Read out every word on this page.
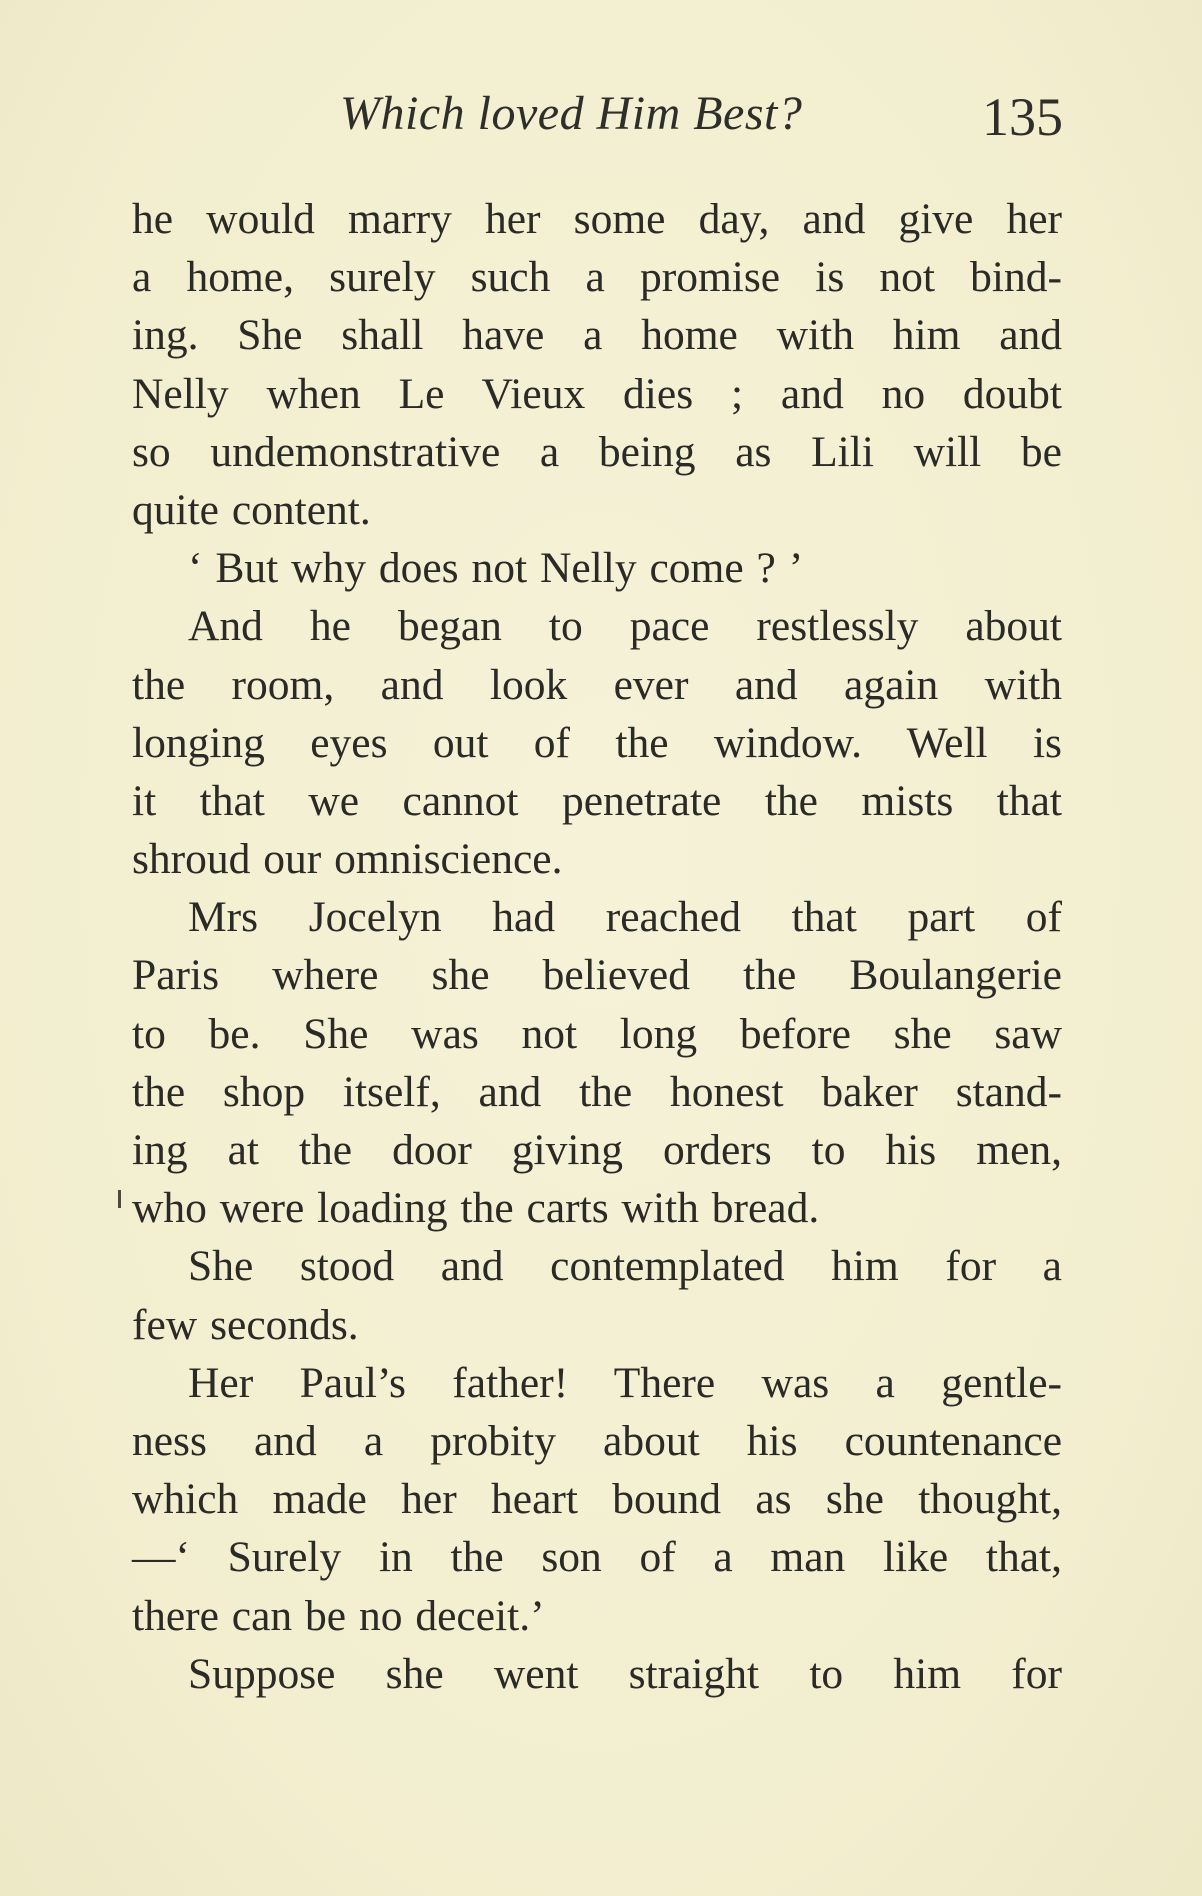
Which loved Him Best?	135
he would marry her some day, and give her
a home, surely such a promise is not bind-
ing. She shall have a home with him and
Nelly when Le Vieux dies ; and no doubt
so undemonstrative a being as Lili will be
quite content.
‘ But why does not Nelly come ? ’
And he began to pace restlessly about
the room, and look ever and again with
longing eyes out of the window. Well is
it that we cannot penetrate the mists that
shroud our omniscience.
Mrs Jocelyn had reached that part of
Paris where she believed the Boulangerie
to be. She was not long before she saw
the shop itself, and the honest baker stand-
ing at the door giving orders to his men,
who were loading the carts with bread.
She stood and contemplated him for a
few seconds.
Her Paul’s father! There was a gentle-
ness and a probity about his countenance
which made her heart bound as she thought,
—‘ Surely in the son of a man like that,
there can be no deceit.’
Suppose she went straight to him for
